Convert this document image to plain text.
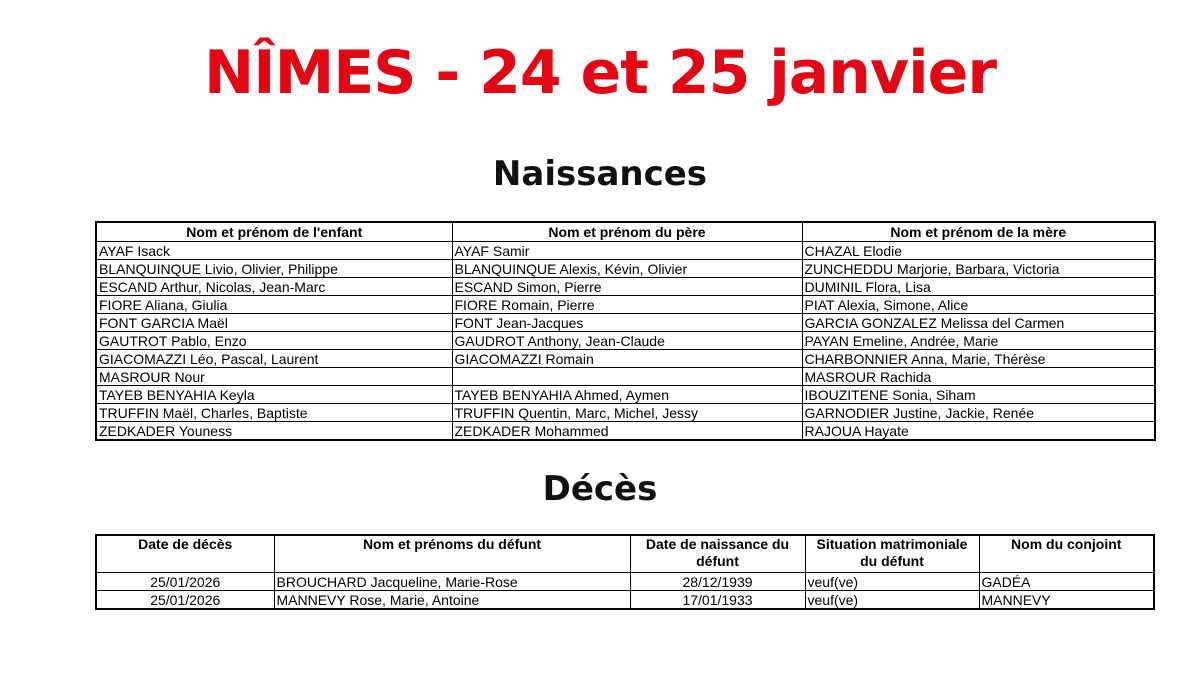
NÎMES - 24 et 25 janvier
Naissances
Nom et prénom de l'enfant	Nom et prénom du père	Nom et prénom de la mère
AYAF Isack	AYAF Samir	CHAZAL Elodie
BLANQUINQUE Livio, Olivier, Philippe	BLANQUINQUE Alexis, Kévin, Olivier	ZUNCHEDDU Marjorie, Barbara, Victoria
ESCAND Arthur, Nicolas, Jean-Marc	ESCAND Simon, Pierre	DUMINIL Flora, Lisa
FIORE Aliana, Giulia	FIORE Romain, Pierre	PIAT Alexia, Simone, Alice
FONT GARCIA Maël	FONT Jean-Jacques	GARCIA GONZALEZ Melissa del Carmen
GAUTROT Pablo, Enzo	GAUDROT Anthony, Jean-Claude	PAYAN Emeline, Andrée, Marie
GIACOMAZZI Léo, Pascal, Laurent	GIACOMAZZI Romain	CHARBONNIER Anna, Marie, Thérèse
MASROUR Nour		MASROUR Rachida
TAYEB BENYAHIA Keyla	TAYEB BENYAHIA Ahmed, Aymen	IBOUZITENE Sonia, Siham
TRUFFIN Maël, Charles, Baptiste	TRUFFIN Quentin, Marc, Michel, Jessy	GARNODIER Justine, Jackie, Renée
ZEDKADER Youness	ZEDKADER Mohammed	RAJOUA Hayate
Décès
Date de décès	Nom et prénoms du défunt	Date de naissance du défunt	Situation matrimoniale du défunt	Nom du conjoint
25/01/2026	BROUCHARD Jacqueline, Marie-Rose	28/12/1939	veuf(ve)	GADÉA
25/01/2026	MANNEVY Rose, Marie, Antoine	17/01/1933	veuf(ve)	MANNEVY
